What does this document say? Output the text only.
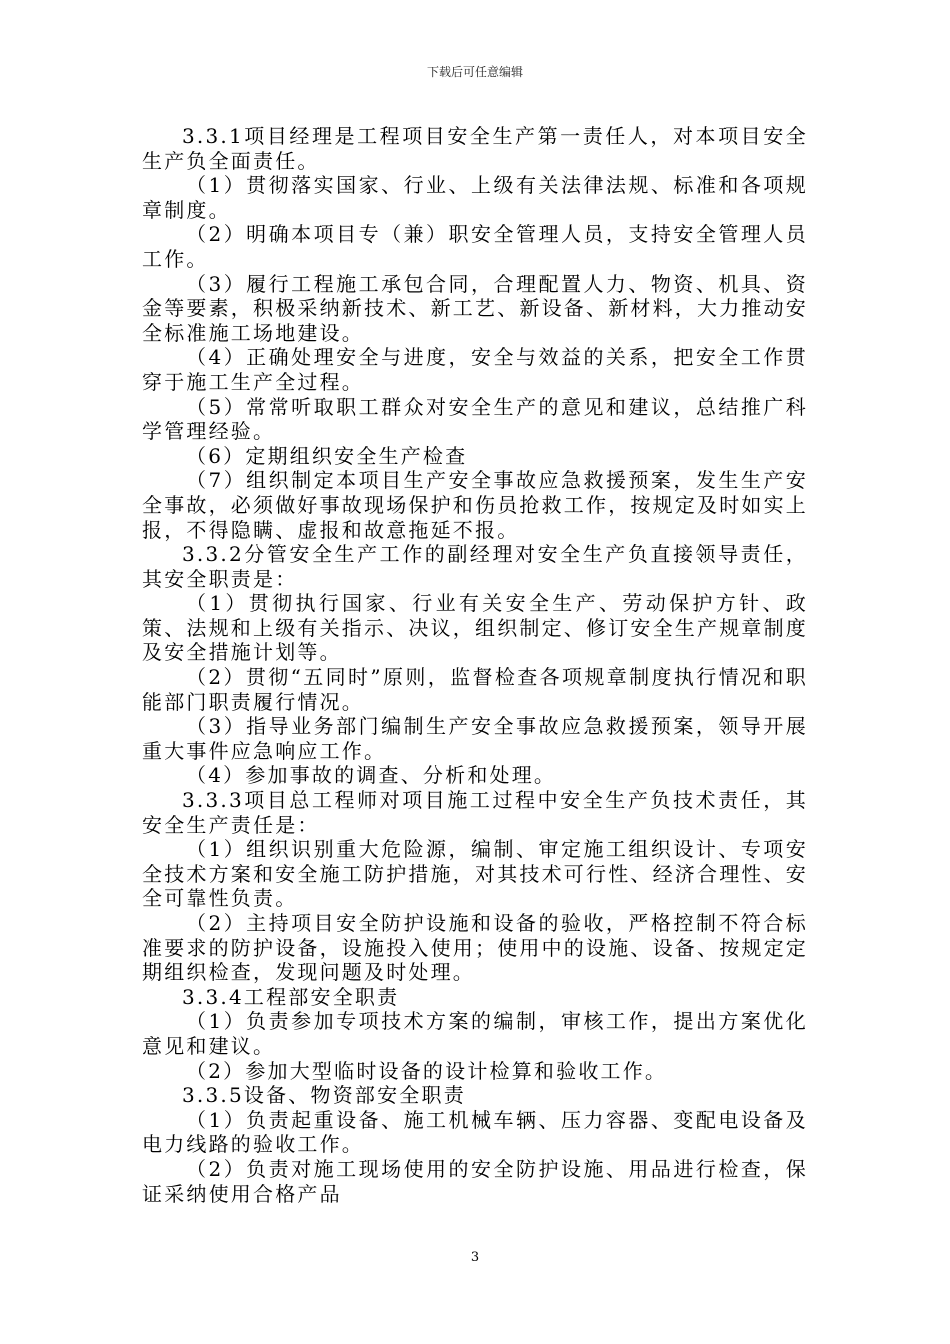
下载后可任意编辑

3.3.1项目经理是工程项目安全生产第一责任人，对本项目安全生产负全面责任。

（1）贯彻落实国家、行业、上级有关法律法规、标准和各项规章制度。

（2）明确本项目专（兼）职安全管理人员，支持安全管理人员工作。

（3）履行工程施工承包合同，合理配置人力、物资、机具、资金等要素，积极采纳新技术、新工艺、新设备、新材料，大力推动安全标准施工场地建设。

（4）正确处理安全与进度，安全与效益的关系，把安全工作贯穿于施工生产全过程。

（5）常常听取职工群众对安全生产的意见和建议，总结推广科学管理经验。

（6）定期组织安全生产检查

（7）组织制定本项目生产安全事故应急救援预案，发生生产安全事故，必须做好事故现场保护和伤员抢救工作，按规定及时如实上报，不得隐瞒、虚报和故意拖延不报。

3.3.2分管安全生产工作的副经理对安全生产负直接领导责任，其安全职责是：

（1）贯彻执行国家、行业有关安全生产、劳动保护方针、政策、法规和上级有关指示、决议，组织制定、修订安全生产规章制度及安全措施计划等。

（2）贯彻“五同时”原则，监督检查各项规章制度执行情况和职能部门职责履行情况。

（3）指导业务部门编制生产安全事故应急救援预案，领导开展重大事件应急响应工作。

（4）参加事故的调查、分析和处理。

3.3.3项目总工程师对项目施工过程中安全生产负技术责任，其安全生产责任是：

（1）组织识别重大危险源，编制、审定施工组织设计、专项安全技术方案和安全施工防护措施，对其技术可行性、经济合理性、安全可靠性负责。

（2）主持项目安全防护设施和设备的验收，严格控制不符合标准要求的防护设备，设施投入使用；使用中的设施、设备、按规定定期组织检查，发现问题及时处理。

3.3.4工程部安全职责

（1）负责参加专项技术方案的编制，审核工作，提出方案优化意见和建议。

（2）参加大型临时设备的设计检算和验收工作。

3.3.5设备、物资部安全职责

（1）负责起重设备、施工机械车辆、压力容器、变配电设备及电力线路的验收工作。

（2）负责对施工现场使用的安全防护设施、用品进行检查，保证采纳使用合格产品

3
